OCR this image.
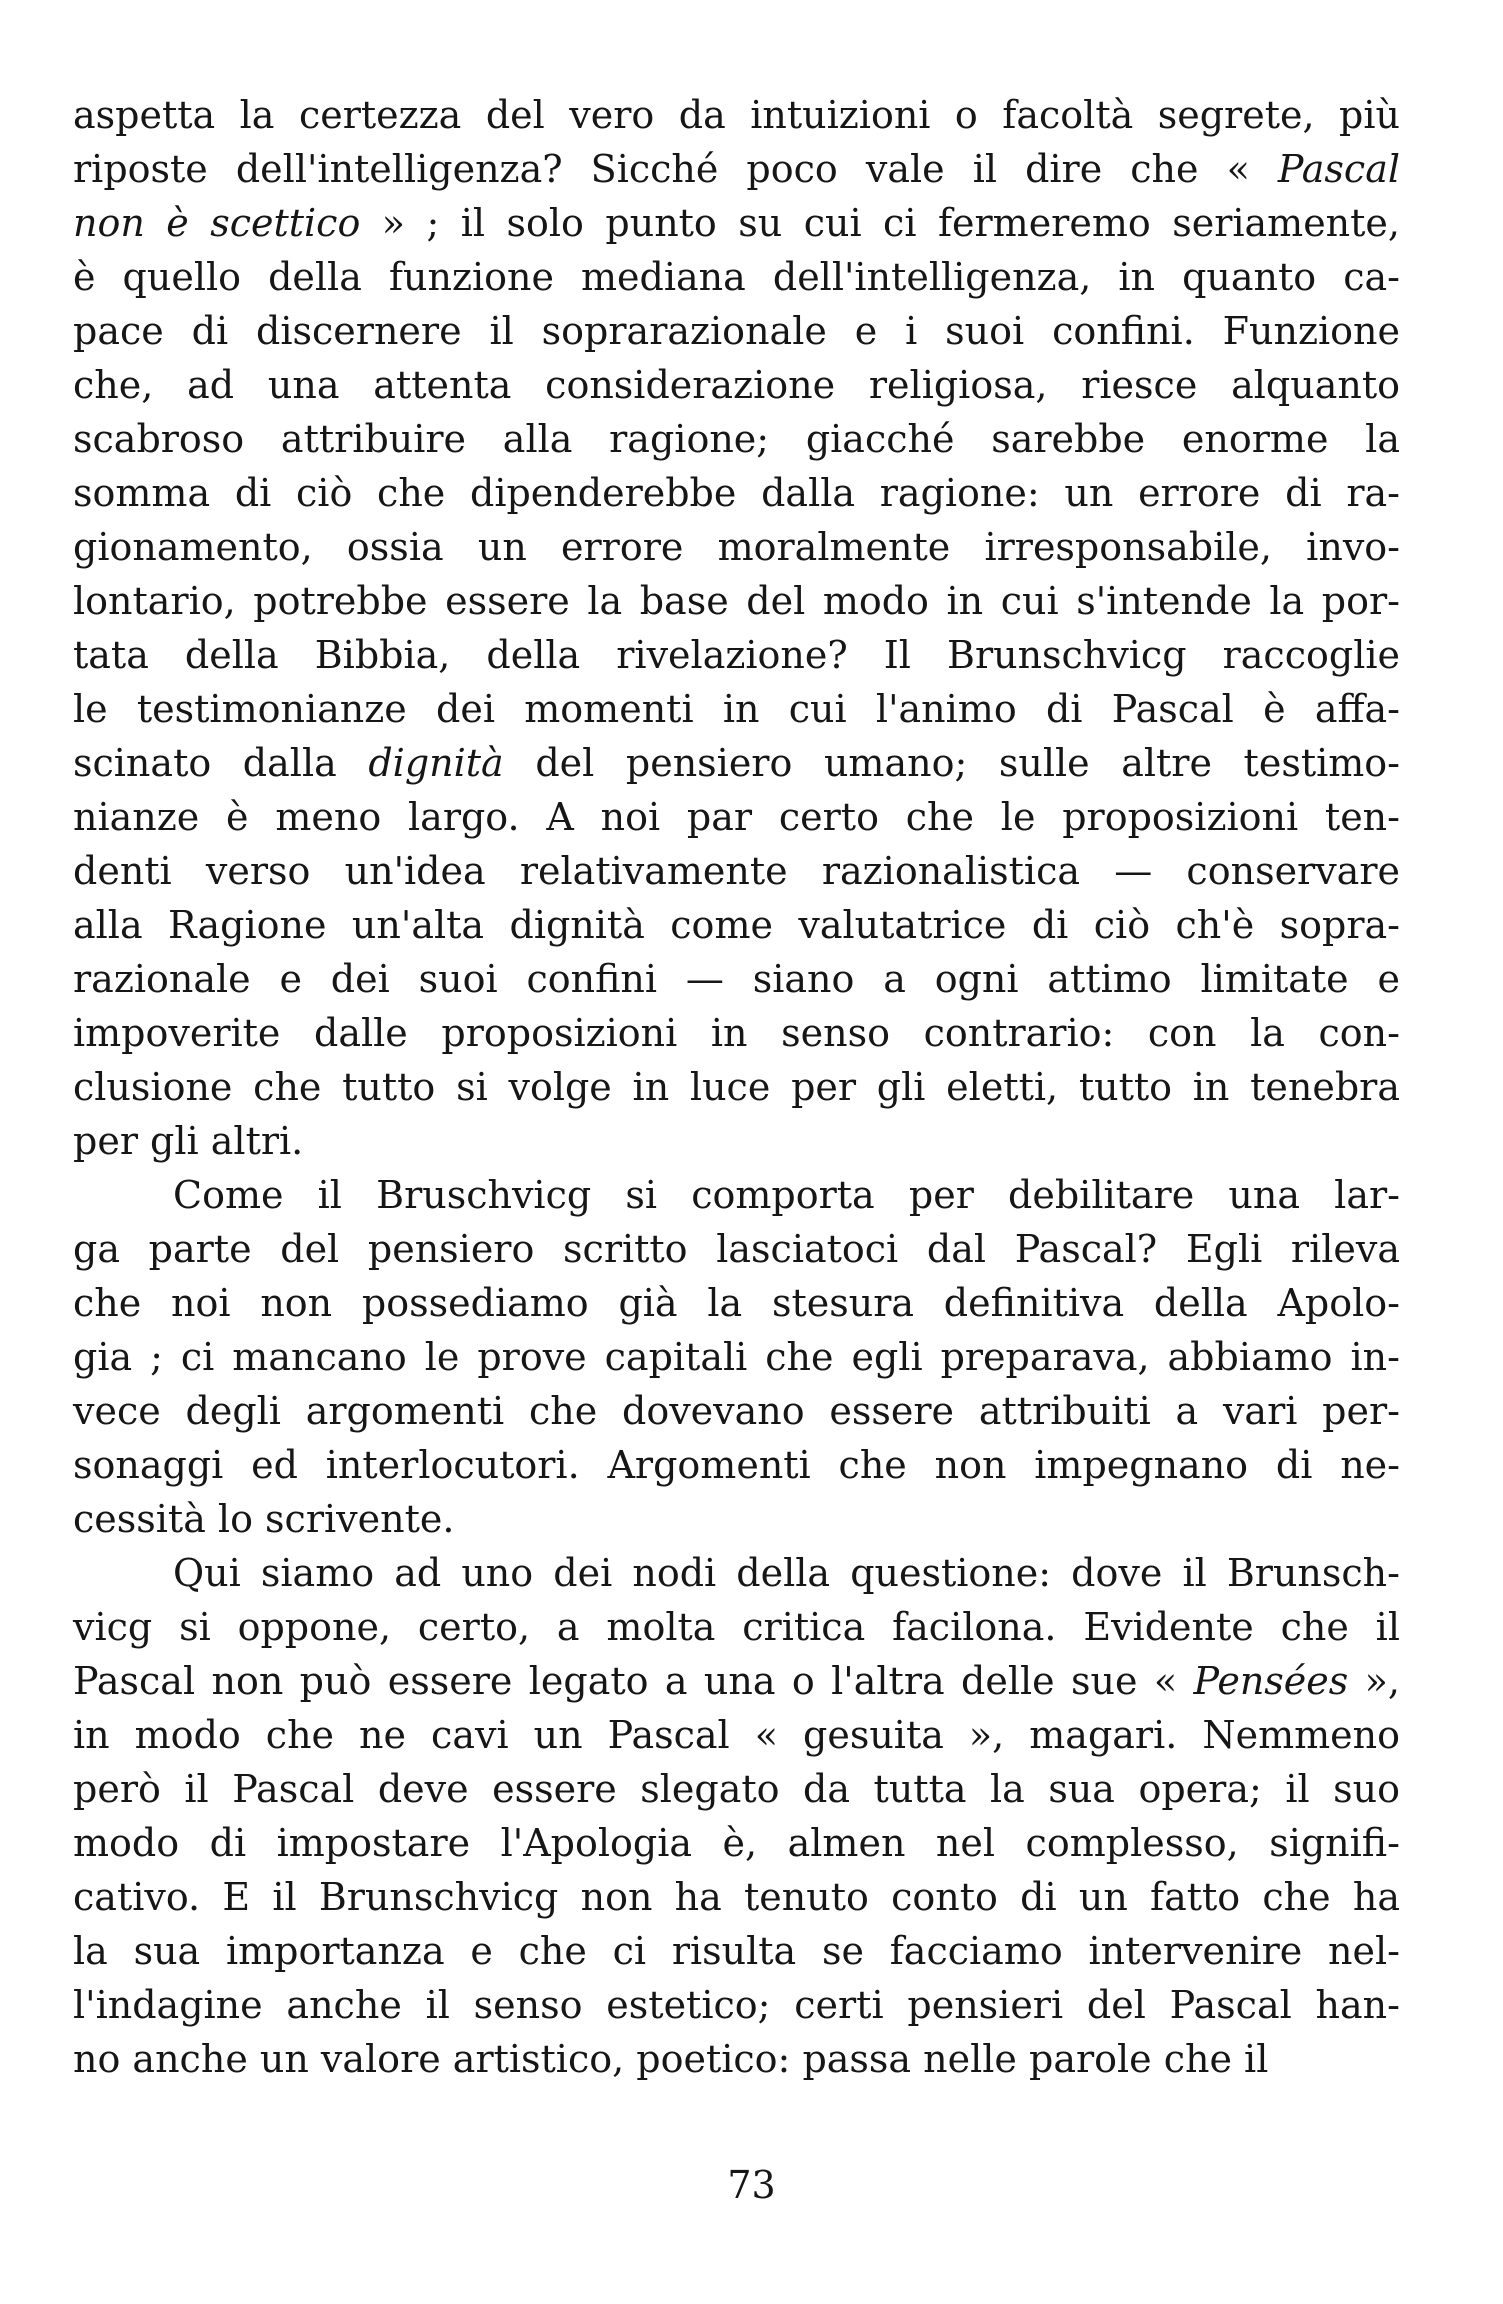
aspetta la certezza del vero da intuizioni o facoltà segrete, più
riposte dell'intelligenza? Sicché poco vale il dire che « Pascal
non è scettico » ; il solo punto su cui ci fermeremo seriamente,
è quello della funzione mediana dell'intelligenza, in quanto ca-
pace di discernere il soprarazionale e i suoi confini. Funzione
che, ad una attenta considerazione religiosa, riesce alquanto
scabroso attribuire alla ragione; giacché sarebbe enorme la
somma di ciò che dipenderebbe dalla ragione: un errore di ra-
gionamento, ossia un errore moralmente irresponsabile, invo-
lontario, potrebbe essere la base del modo in cui s'intende la por-
tata della Bibbia, della rivelazione? Il Brunschvicg raccoglie
le testimonianze dei momenti in cui l'animo di Pascal è affa-
scinato dalla dignità del pensiero umano; sulle altre testimo-
nianze è meno largo. A noi par certo che le proposizioni ten-
denti verso un'idea relativamente razionalistica — conservare
alla Ragione un'alta dignità come valutatrice di ciò ch'è sopra-
razionale e dei suoi confini — siano a ogni attimo limitate e
impoverite dalle proposizioni in senso contrario: con la con-
clusione che tutto si volge in luce per gli eletti, tutto in tenebra
per gli altri.
Come il Bruschvicg si comporta per debilitare una lar-
ga parte del pensiero scritto lasciatoci dal Pascal? Egli rileva
che noi non possediamo già la stesura definitiva della Apolo-
gia ; ci mancano le prove capitali che egli preparava, abbiamo in-
vece degli argomenti che dovevano essere attribuiti a vari per-
sonaggi ed interlocutori. Argomenti che non impegnano di ne-
cessità lo scrivente.
Qui siamo ad uno dei nodi della questione: dove il Brunsch-
vicg si oppone, certo, a molta critica facilona. Evidente che il
Pascal non può essere legato a una o l'altra delle sue « Pensées »,
in modo che ne cavi un Pascal « gesuita », magari. Nemmeno
però il Pascal deve essere slegato da tutta la sua opera; il suo
modo di impostare l'Apologia è, almen nel complesso, signifi-
cativo. E il Brunschvicg non ha tenuto conto di un fatto che ha
la sua importanza e che ci risulta se facciamo intervenire nel-
l'indagine anche il senso estetico; certi pensieri del Pascal han-
no anche un valore artistico, poetico: passa nelle parole che il
73
